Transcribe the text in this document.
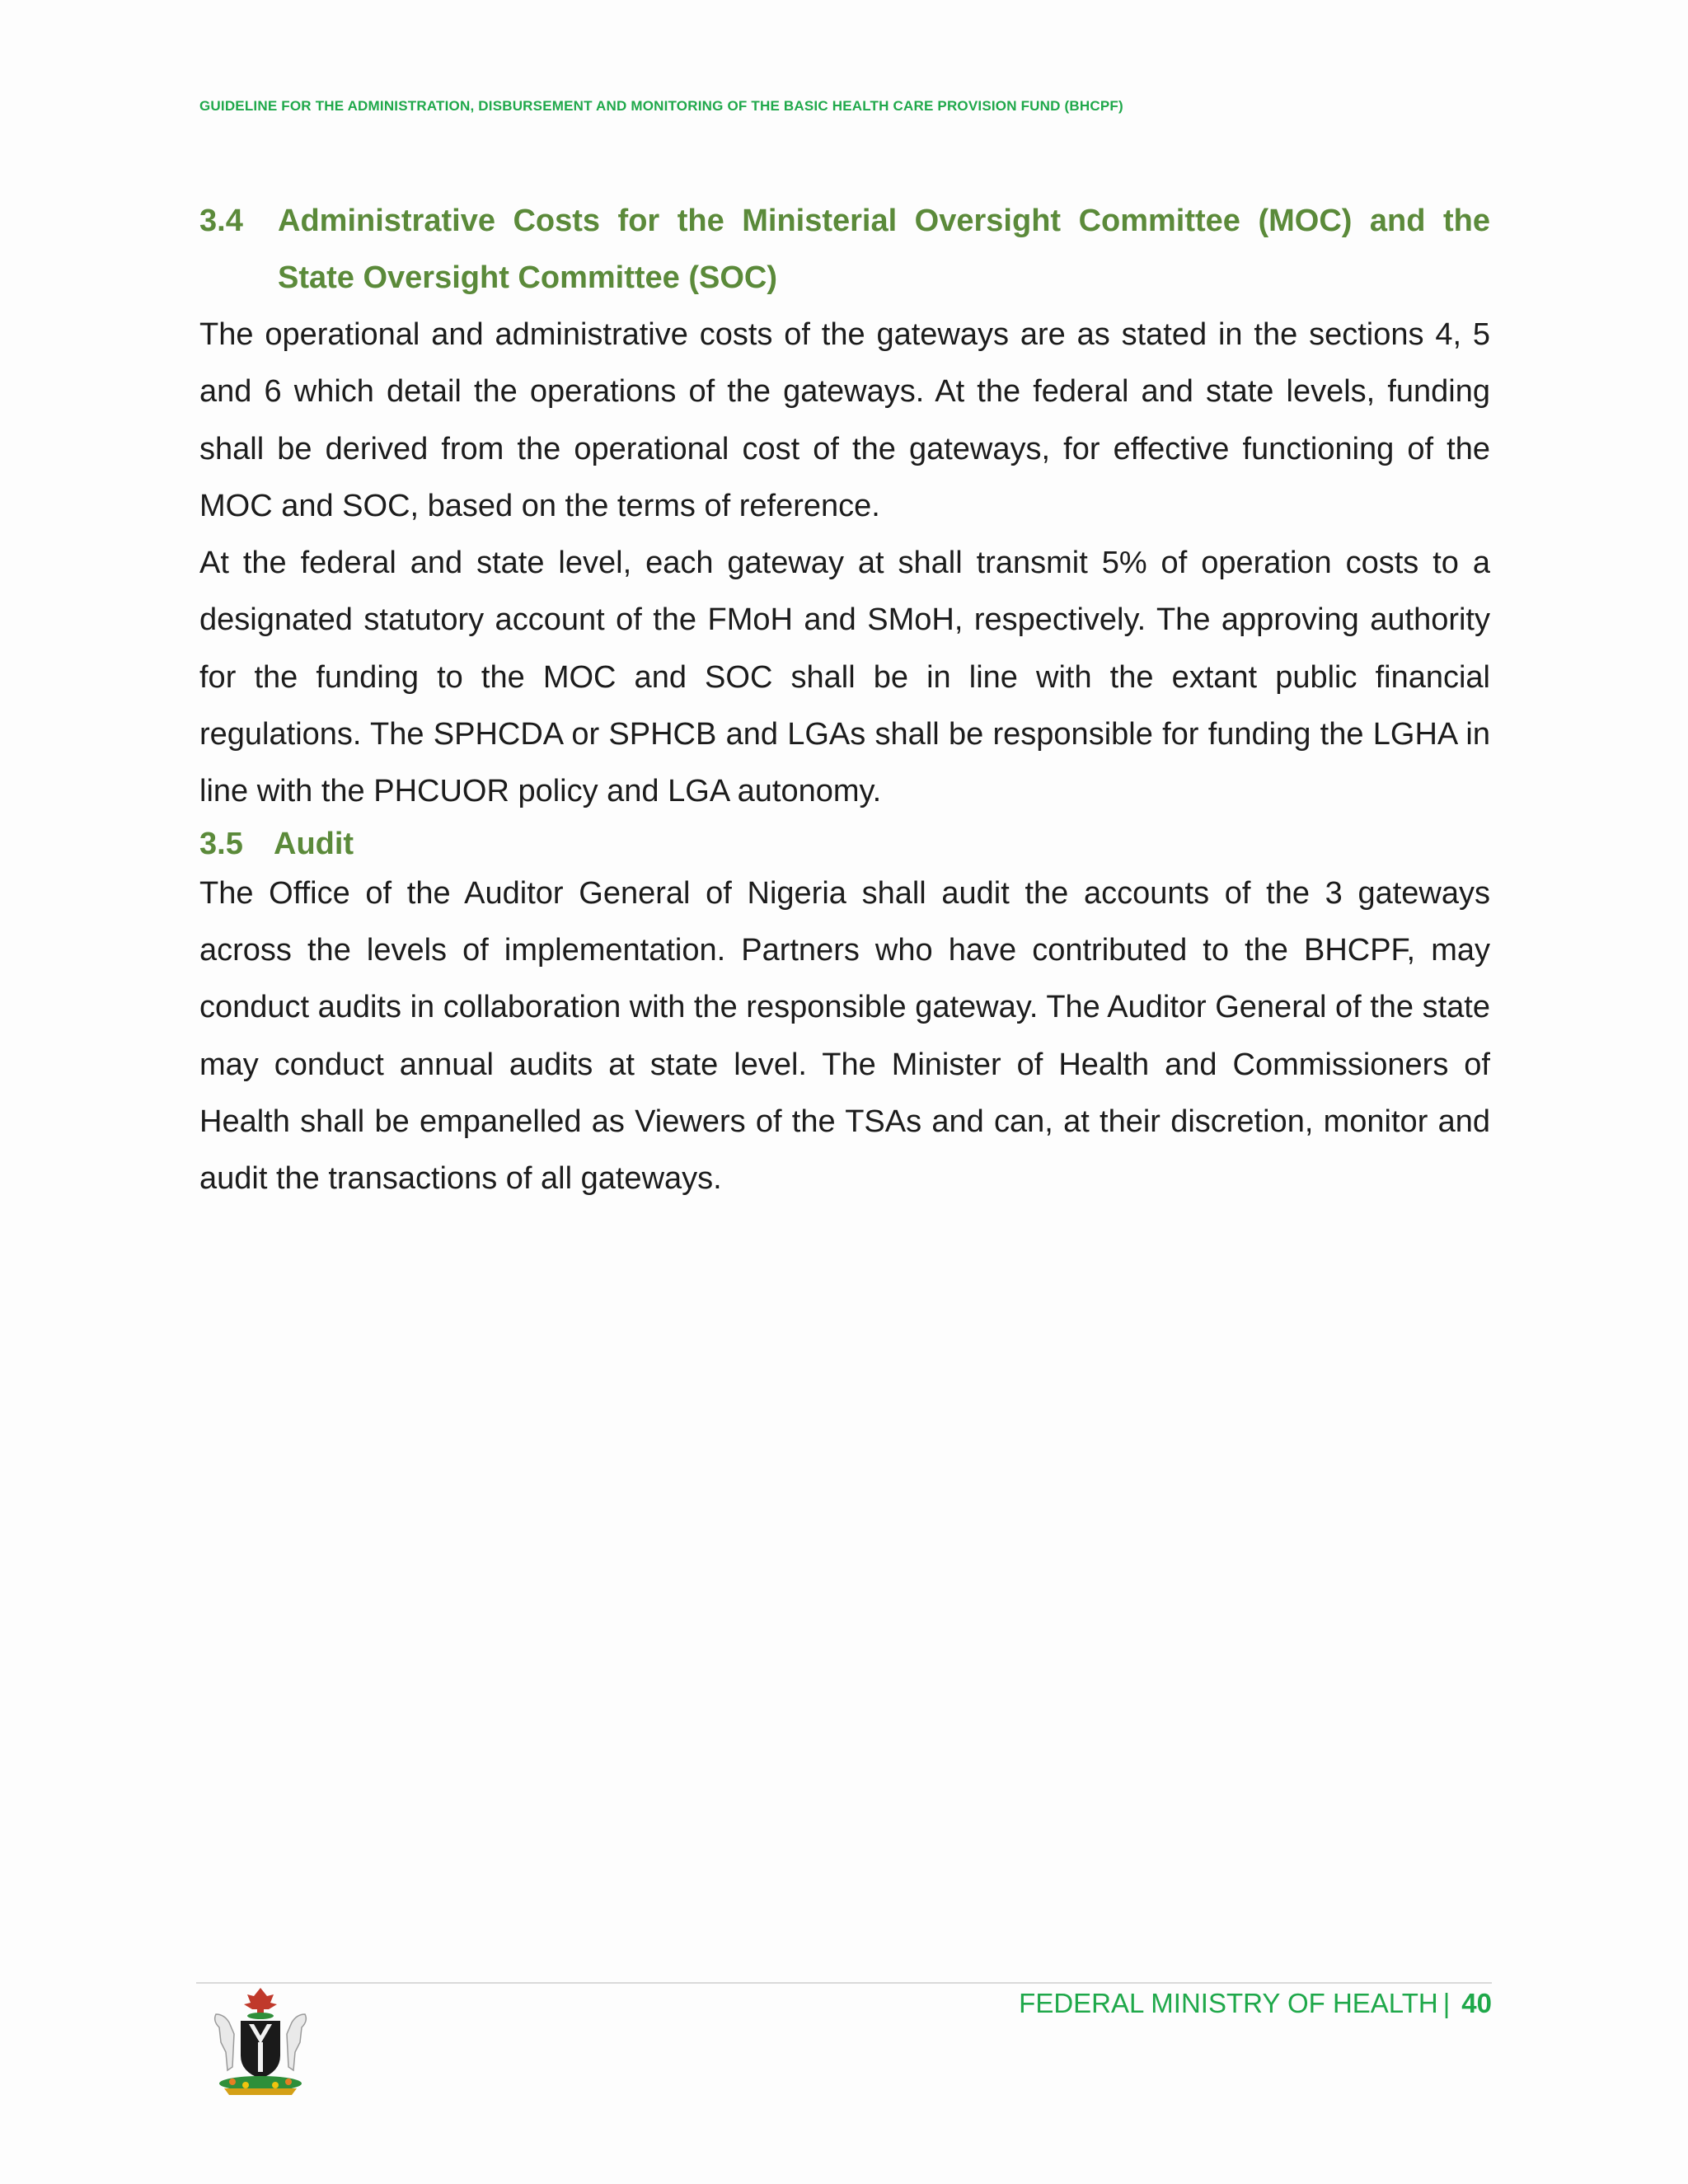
GUIDELINE FOR THE ADMINISTRATION, DISBURSEMENT AND MONITORING OF THE BASIC HEALTH CARE PROVISION FUND (BHCPF)
3.4	Administrative Costs for the Ministerial Oversight Committee (MOC) and the State Oversight Committee (SOC)

The operational and administrative costs of the gateways are as stated in the sections 4, 5 and 6 which detail the operations of the gateways. At the federal and state levels, funding shall be derived from the operational cost of the gateways, for effective functioning of the MOC and SOC, based on the terms of reference.

At the federal and state level, each gateway at shall transmit 5% of operation costs to a designated statutory account of the FMoH and SMoH, respectively. The approving authority for the funding to the MOC and SOC shall be in line with the extant public financial regulations. The SPHCDA or SPHCB and LGAs shall be responsible for funding the LGHA in line with the PHCUOR policy and LGA autonomy.

3.5 Audit

The Office of the Auditor General of Nigeria shall audit the accounts of the 3 gateways across the levels of implementation. Partners who have contributed to the BHCPF, may conduct audits in collaboration with the responsible gateway. The Auditor General of the state may conduct annual audits at state level. The Minister of Health and Commissioners of Health shall be empanelled as Viewers of the TSAs and can, at their discretion, monitor and audit the transactions of all gateways.

FEDERAL MINISTRY OF HEALTH | 40
